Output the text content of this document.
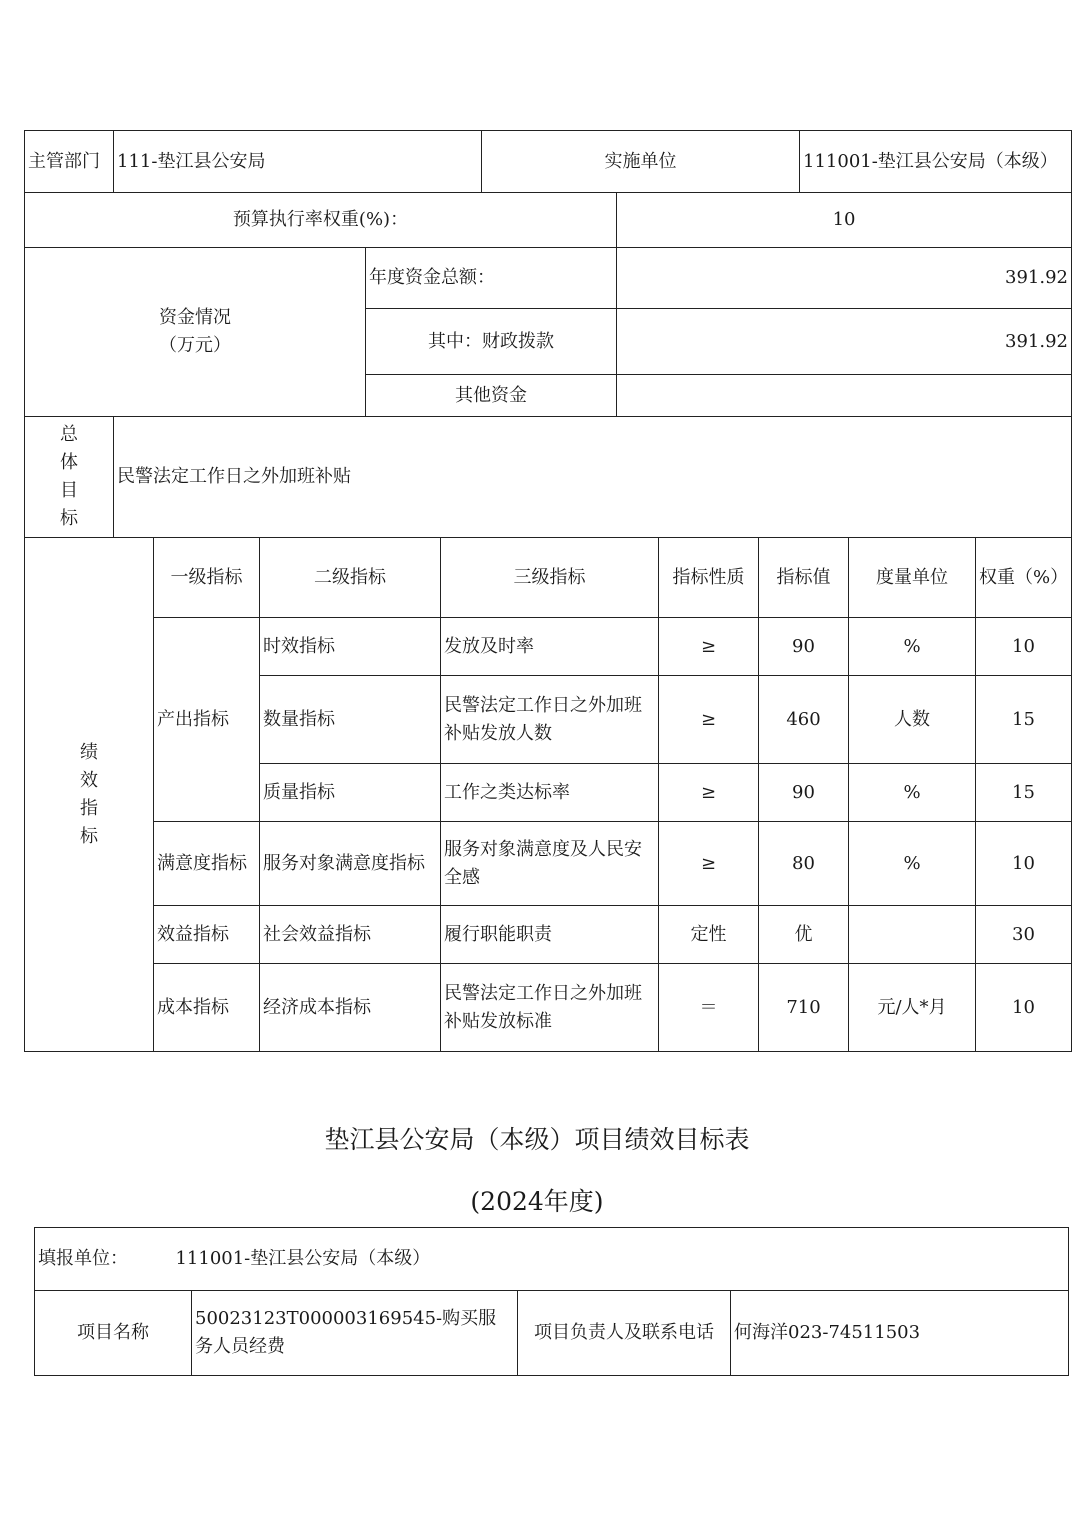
主管部门	111-垫江县公安局		实施单位		111001-垫江县公安局（本级）
预算执行率权重(%)：				10	

资金情况
（万元）		年度资金总额：		391.92	
		其中：财政拨款		391.92	
		其他资金			

总
体
目
标	民警法定工作日之外加班补贴				
绩
效
指
标	一级指标	二级指标	三级指标	指标性质	指标值	度量单位	权重（%）
	产出指标	时效指标	发放及时率	≥	90	%	10
		数量指标	民警法定工作日之外加班补贴发放人数	≥	460	人数	15
		质量指标	工作之类达标率	≥	90	%	15
	满意度指标	服务对象满意度指标	服务对象满意度及人民安全感	≥	80	%	10
	效益指标	社会效益指标	履行职能职责	定性	优		30
	成本指标	经济成本指标	民警法定工作日之外加班补贴发放标准	＝	710	元/人*月	10
垫江县公安局（本级）项目绩效目标表
(2024年度)
填报单位：	111001-垫江县公安局（本级）
项目名称	50023123T000003169545-购买服务人员经费	项目负责人及联系电话	何海洋023-74511503
